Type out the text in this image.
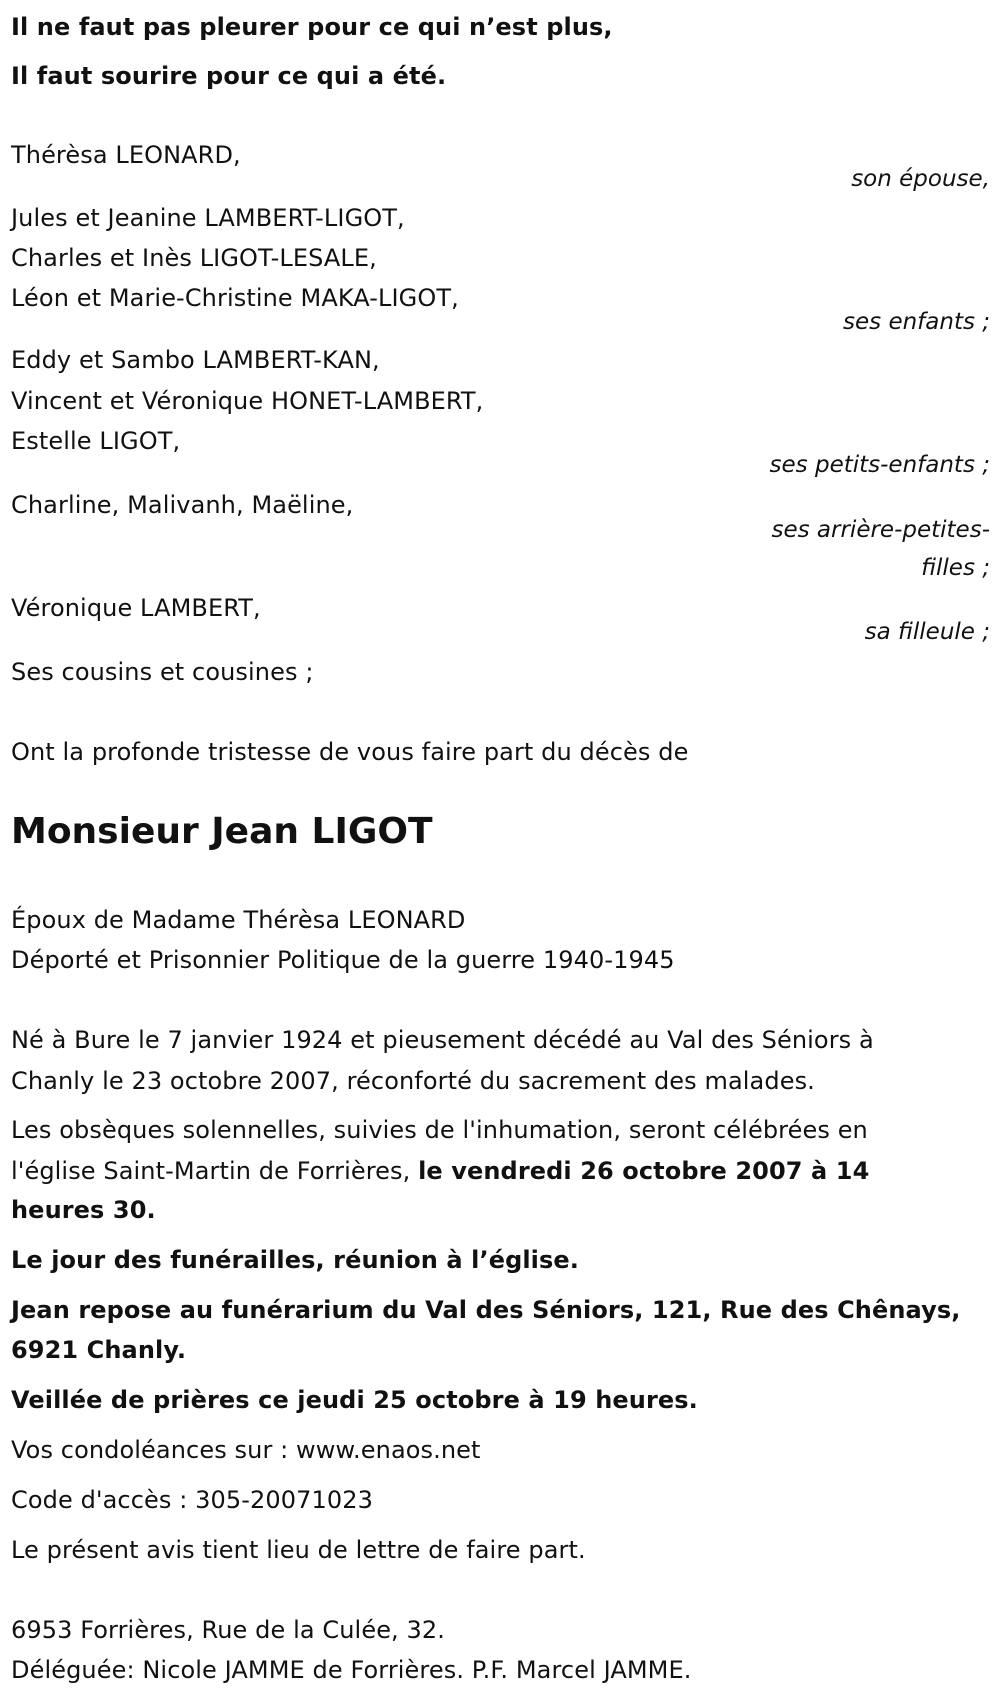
Il ne faut pas pleurer pour ce qui n’est plus,
Il faut sourire pour ce qui a été.
Thérèsa LEONARD,
son épouse,
Jules et Jeanine LAMBERT-LIGOT,
Charles et Inès LIGOT-LESALE,
Léon et Marie-Christine MAKA-LIGOT,
ses enfants ;
Eddy et Sambo LAMBERT-KAN,
Vincent et Véronique HONET-LAMBERT,
Estelle LIGOT,
ses petits-enfants ;
Charline, Malivanh, Maëline,
ses arrière-petites-
filles ;
Véronique LAMBERT,
sa filleule ;
Ses cousins et cousines ;
Ont la profonde tristesse de vous faire part du décès de
Monsieur Jean LIGOT
Époux de Madame Thérèsa LEONARD
Déporté et Prisonnier Politique de la guerre 1940-1945
Né à Bure le 7 janvier 1924 et pieusement décédé au Val des Séniors à
Chanly le 23 octobre 2007, réconforté du sacrement des malades.
Les obsèques solennelles, suivies de l'inhumation, seront célébrées en
l'église Saint-Martin de Forrières, le vendredi 26 octobre 2007 à 14
heures 30.
Le jour des funérailles, réunion à l’église.
Jean repose au funérarium du Val des Séniors, 121, Rue des Chênays,
6921 Chanly.
Veillée de prières ce jeudi 25 octobre à 19 heures.
Vos condoléances sur : www.enaos.net
Code d'accès : 305-20071023
Le présent avis tient lieu de lettre de faire part.
6953 Forrières, Rue de la Culée, 32.
Déléguée: Nicole JAMME de Forrières. P.F. Marcel JAMME.
